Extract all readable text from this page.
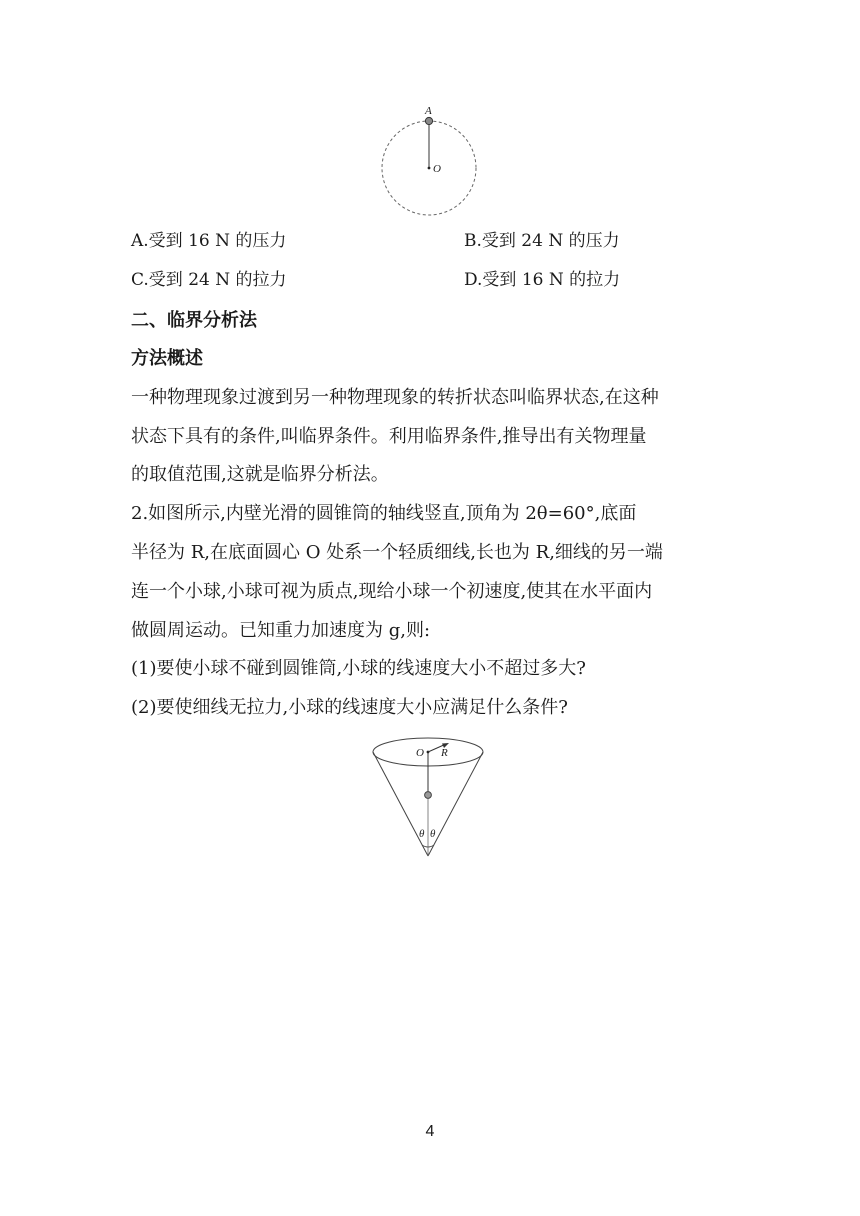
A
O
A.受到 16 N 的压力	B.受到 24 N 的压力
C.受到 24 N 的拉力	D.受到 16 N 的拉力
二、临界分析法
方法概述
一种物理现象过渡到另一种物理现象的转折状态叫临界状态,在这种
状态下具有的条件,叫临界条件。利用临界条件,推导出有关物理量
的取值范围,这就是临界分析法。
2.如图所示,内壁光滑的圆锥筒的轴线竖直,顶角为 2θ=60°,底面
半径为 R,在底面圆心 O 处系一个轻质细线,长也为 R,细线的另一端
连一个小球,小球可视为质点,现给小球一个初速度,使其在水平面内
做圆周运动。已知重力加速度为 g,则:
(1)要使小球不碰到圆锥筒,小球的线速度大小不超过多大?
(2)要使细线无拉力,小球的线速度大小应满足什么条件?
O R
θ θ
4
